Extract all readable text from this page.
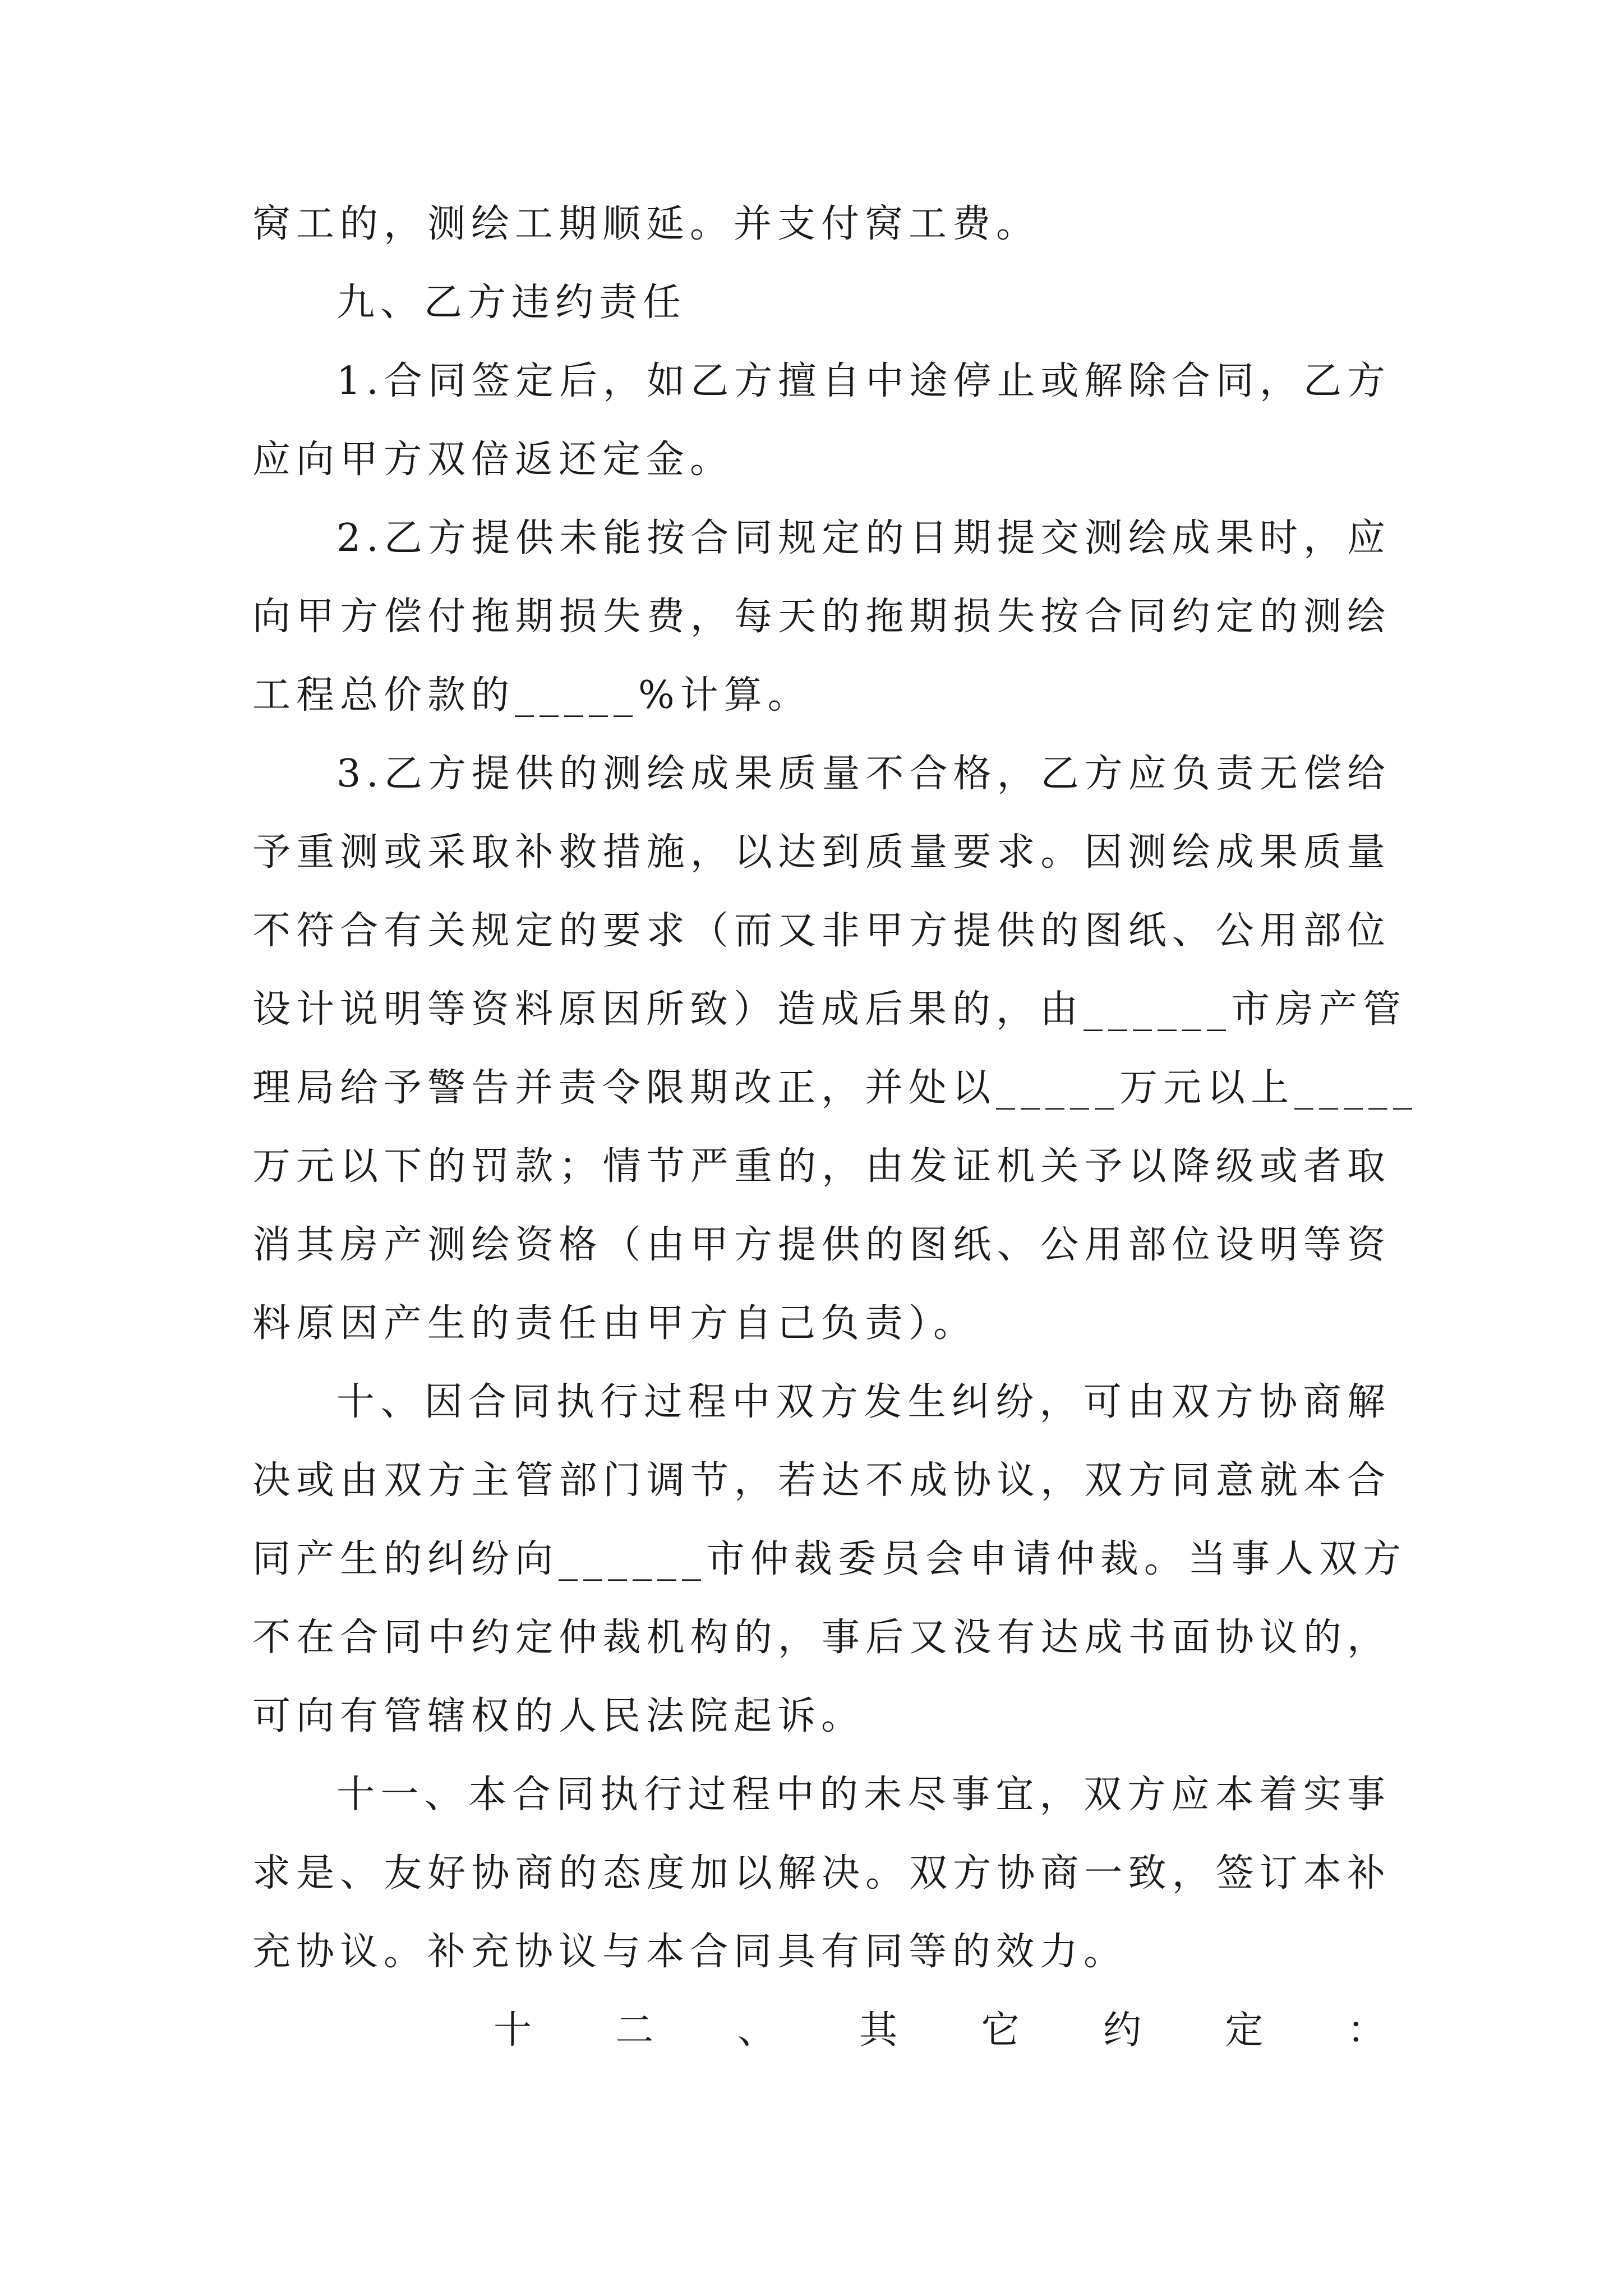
窝工的，测绘工期顺延。并支付窝工费。
九、乙方违约责任
1.合同签定后，如乙方擅自中途停止或解除合同，乙方
应向甲方双倍返还定金。
2.乙方提供未能按合同规定的日期提交测绘成果时，应
向甲方偿付拖期损失费，每天的拖期损失按合同约定的测绘
工程总价款的_____%计算。
3.乙方提供的测绘成果质量不合格，乙方应负责无偿给
予重测或采取补救措施，以达到质量要求。因测绘成果质量
不符合有关规定的要求（而又非甲方提供的图纸、公用部位
设计说明等资料原因所致）造成后果的，由______市房产管
理局给予警告并责令限期改正，并处以_____万元以上_____
万元以下的罚款；情节严重的，由发证机关予以降级或者取
消其房产测绘资格（由甲方提供的图纸、公用部位设明等资
料原因产生的责任由甲方自己负责）。
十、因合同执行过程中双方发生纠纷，可由双方协商解
决或由双方主管部门调节，若达不成协议，双方同意就本合
同产生的纠纷向______市仲裁委员会申请仲裁。当事人双方
不在合同中约定仲裁机构的，事后又没有达成书面协议的，
可向有管辖权的人民法院起诉。
十一、本合同执行过程中的未尽事宜，双方应本着实事
求是、友好协商的态度加以解决。双方协商一致，签订本补
充协议。补充协议与本合同具有同等的效力。
十二、其它约定：
